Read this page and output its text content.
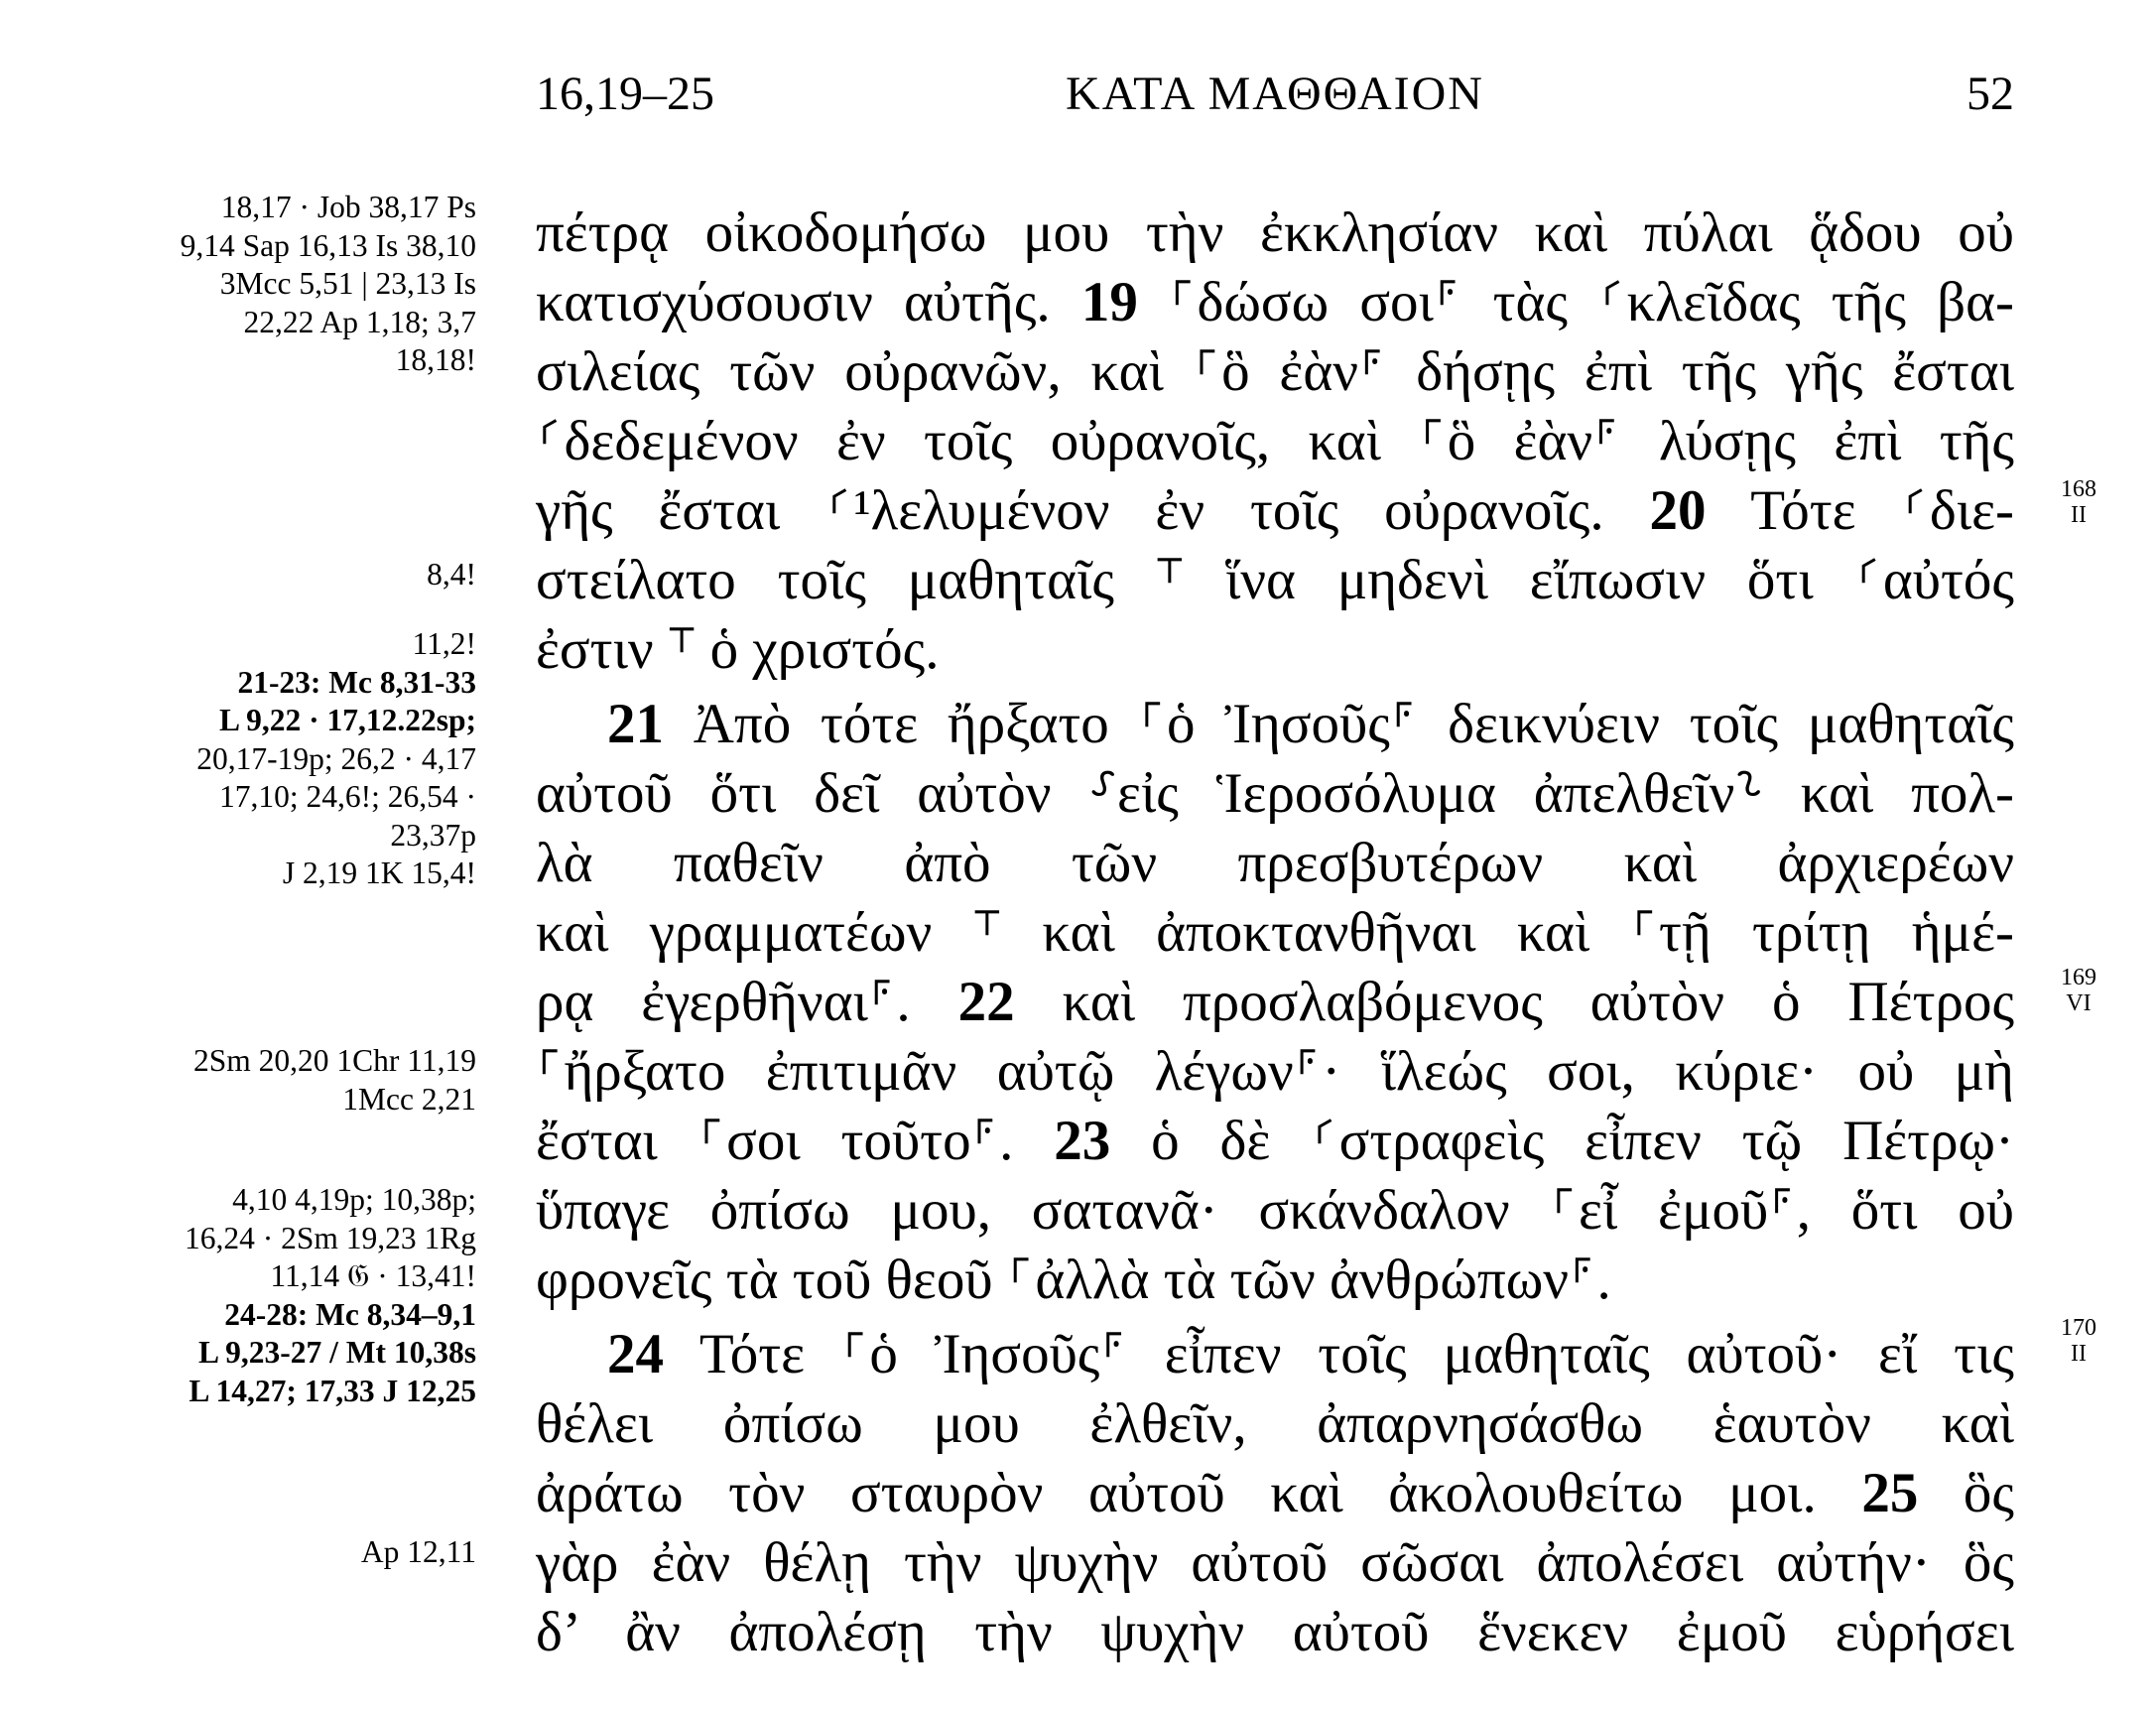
16,19–25	ΚΑΤΑ ΜΑΘΘΑΙΟΝ	52
18,17 · Job 38,17 Ps
9,14 Sap 16,13 Is 38,10
3Mcc 5,51 | 23,13 Is
22,22 Ap 1,18; 3,7
18,18!
8,4!
11,2!
21-23: Mc 8,31-33
L 9,22 · 17,12.22sp;
20,17-19p; 26,2 · 4,17
17,10; 24,6!; 26,54 ·
23,37p
J 2,19 1K 15,4!
2Sm 20,20 1Chr 11,19
1Mcc 2,21
4,10 4,19p; 10,38p;
16,24 · 2Sm 19,23 1Rg
11,14 𝔊 · 13,41!
24-28: Mc 8,34–9,1
L 9,23-27 / Mt 10,38s
L 14,27; 17,33 J 12,25
Ap 12,11
πέτρᾳ οἰκοδομήσω μου τὴν ἐκκλησίαν καὶ πύλαι ᾅδου οὐ
κατισχύσουσιν αὐτῆς. 19 ⸀δώσω σοι⸁ τὰς ⸂κλεῖδας τῆς βα-
σιλείας τῶν οὐρανῶν, καὶ ⸀ὃ ἐὰν⸁ δήσῃς ἐπὶ τῆς γῆς ἔσται
⸂δεδεμένον ἐν τοῖς οὐρανοῖς, καὶ ⸀ὃ ἐὰν⸁ λύσῃς ἐπὶ τῆς
γῆς ἔσται ⸂¹λελυμένον ἐν τοῖς οὐρανοῖς. 20 Τότε ⸂διε-
στείλατο τοῖς μαθηταῖς ⸆ ἵνα μηδενὶ εἴπωσιν ὅτι ⸂αὐτός
ἐστιν ⸆ ὁ χριστός.
21 Ἀπὸ τότε ἤρξατο ⸀ὁ Ἰησοῦς⸁ δεικνύειν τοῖς μαθηταῖς
αὐτοῦ ὅτι δεῖ αὐτὸν ⸉εἰς Ἱεροσόλυμα ἀπελθεῖν⸊ καὶ πολ-
λὰ παθεῖν ἀπὸ τῶν πρεσβυτέρων καὶ ἀρχιερέων
καὶ γραμματέων ⸆ καὶ ἀποκτανθῆναι καὶ ⸀τῇ τρίτῃ ἡμέ-
ρᾳ ἐγερθῆναι⸁. 22 καὶ προσλαβόμενος αὐτὸν ὁ Πέτρος
⸀ἤρξατο ἐπιτιμᾶν αὐτῷ λέγων⸁· ἵλεώς σοι, κύριε· οὐ μὴ
ἔσται ⸀σοι τοῦτο⸁. 23 ὁ δὲ ⸂στραφεὶς εἶπεν τῷ Πέτρῳ·
ὕπαγε ὀπίσω μου, σατανᾶ· σκάνδαλον ⸀εἶ ἐμοῦ⸁, ὅτι οὐ
φρονεῖς τὰ τοῦ θεοῦ ⸀ἀλλὰ τὰ τῶν ἀνθρώπων⸁.
24 Τότε ⸀ὁ Ἰησοῦς⸁ εἶπεν τοῖς μαθηταῖς αὐτοῦ· εἴ τις
θέλει ὀπίσω μου ἐλθεῖν, ἀπαρνησάσθω ἑαυτὸν καὶ
ἀράτω τὸν σταυρὸν αὐτοῦ καὶ ἀκολουθείτω μοι. 25 ὃς
γὰρ ἐὰν θέλῃ τὴν ψυχὴν αὐτοῦ σῶσαι ἀπολέσει αὐτήν· ὃς
δ’ ἂν ἀπολέσῃ τὴν ψυχὴν αὐτοῦ ἕνεκεν ἐμοῦ εὑρήσει
168
II
169
VI
170
II
